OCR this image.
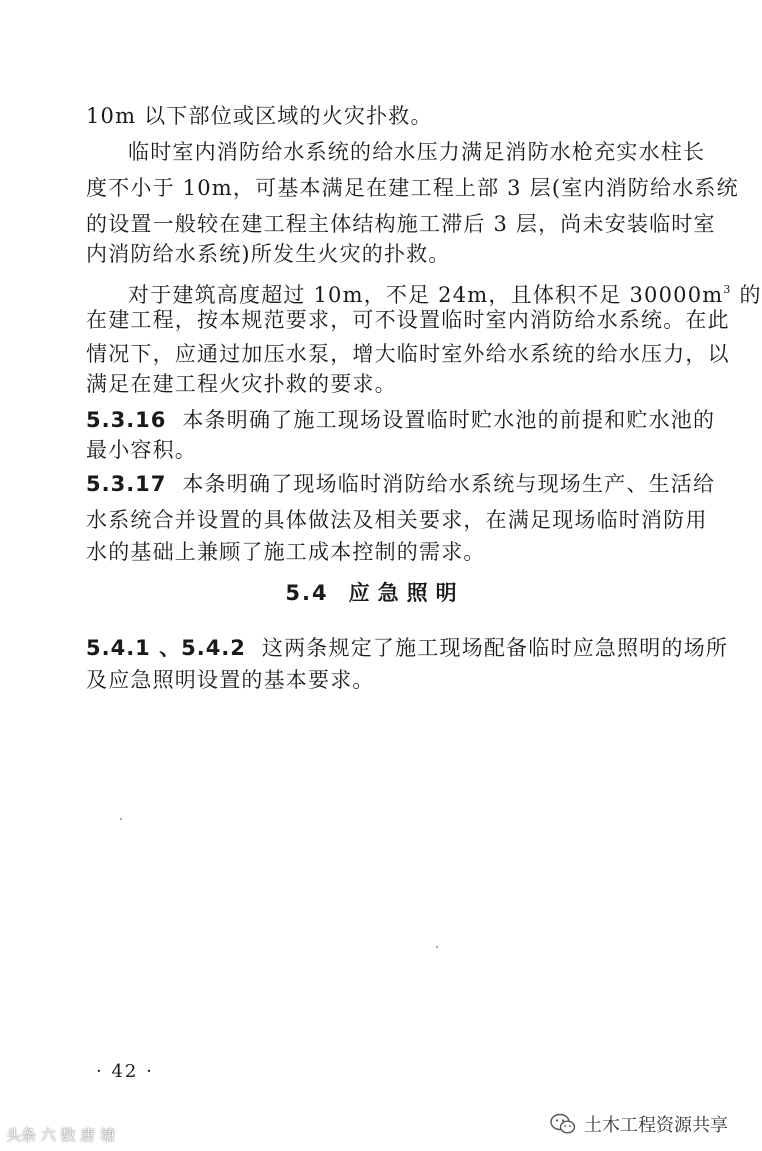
10m 以下部位或区域的火灾扑救。
临时室内消防给水系统的给水压力满足消防水枪充实水柱长
度不小于 10m，可基本满足在建工程上部 3 层(室内消防给水系统
的设置一般较在建工程主体结构施工滞后 3 层，尚未安装临时室
内消防给水系统)所发生火灾的扑救。
对于建筑高度超过 10m，不足 24m，且体积不足 $30000m^3$ 的
在建工程，按本规范要求，可不设置临时室内消防给水系统。在此
情况下，应通过加压水泵，增大临时室外给水系统的给水压力，以
满足在建工程火灾扑救的要求。
5.3.16 本条明确了施工现场设置临时贮水池的前提和贮水池的
最小容积。
5.3.17 本条明确了现场临时消防给水系统与现场生产、生活给
水系统合并设置的具体做法及相关要求，在满足现场临时消防用
水的基础上兼顾了施工成本控制的需求。
5.4 应急照明
5.4.1 、5.4.2 这两条规定了施工现场配备临时应急照明的场所
及应急照明设置的基本要求。
· 42 ·
头条 六 数 唐 塘	土木工程资源共享
